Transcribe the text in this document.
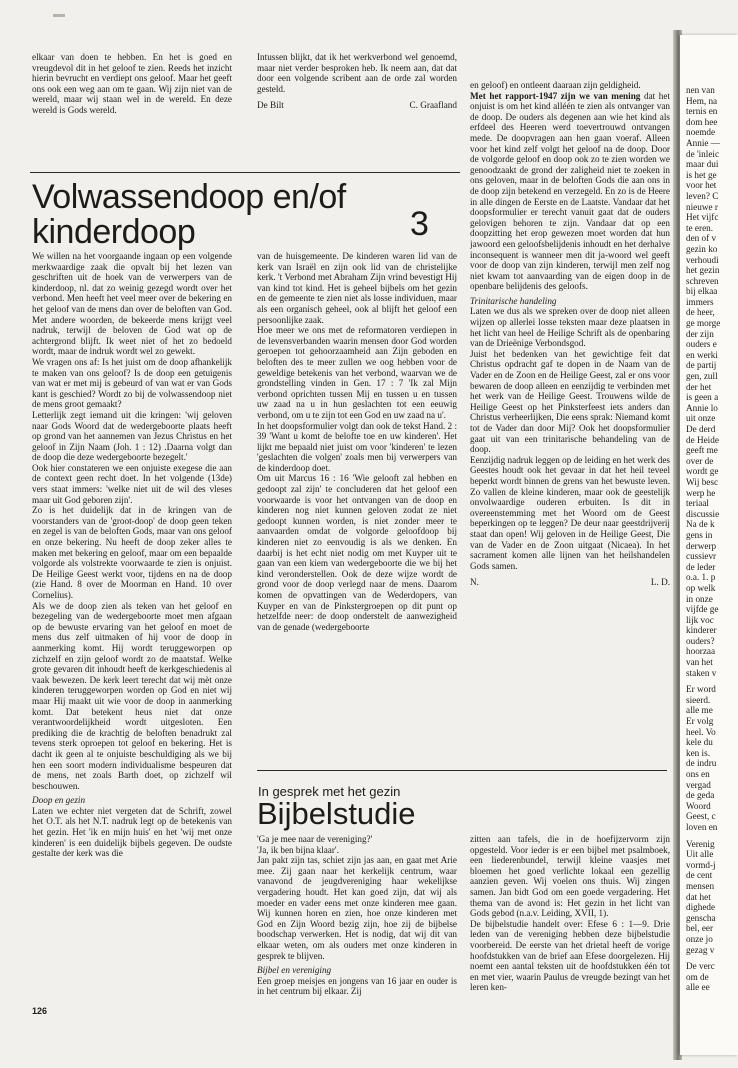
nen van
Hem, na
ternis en
dom hee
noemde
Annie —
de 'inleic
maar dui
is het ge
voor het
leven? C
nieuwe r
Het vijfc
te eren.
den of v
gezin ko
verhoudi
het gezin
schreven
bij elkaa
immers
de heer,
ge morge
der zijn
ouders e
en werki
de partij
gen, zull
der het
is geen a
Annie lo
uit onze
De derd
de Heide
geeft me
over de
wordt ge
Wij besc
werp he
teriaal
discussie
Na de k
gens in
derwerp
cussievr
de leder
o.a. 1. p
op welk
in onze
vijfde ge
lijk voc
kinderer
ouders?
hoorzaa
van het
staken v
Er word
sieerd.
alle me
Er volg
heel. Vo
kele du
ken is.
de indru
ons en
vergad
de geda
Woord
Geest, c
loven en
Verenig
Uit alle
vormd-j
de cent
mensen
dat het
dighede
genscha
bel, eer
onze jo
gezag v
De verc
om de
alle ee

elkaar van doen te hebben. En het is goed en vreugdevol dit in het geloof te zien. Reeds het inzicht hierin bevrucht en verdiept ons geloof. Maar het geeft ons ook een weg aan om te gaan. Wij zijn niet van de wereld, maar wij staan wel in de wereld. En deze wereld is Gods wereld.

Intussen blijkt, dat ik het werkverbond wel genoemd, maar niet verder besproken heb. Ik neem aan, dat dat door een volgende scribent aan de orde zal worden gesteld.

De Bilt	C. Graafland
Volwassendoop en/of kinderdoop	3

We willen na het voorgaande ingaan op een volgende merkwaardige zaak die opvalt bij het lezen van geschriften uit de hoek van de verwerpers van de kinderdoop, nl. dat zo weinig gezegd wordt over het verbond. Men heeft het veel meer over de bekering en het geloof van de mens dan over de beloften van God. Met andere woorden, de bekeerde mens krijgt veel nadruk, terwijl de beloven de God wat op de achtergrond blijft. Ik weet niet of het zo bedoeld wordt, maar de indruk wordt wel zo gewekt.

We vragen ons af: Is het juist om de doop afhankelijk te maken van ons geloof? Is de doop een getuigenis van wat er met mij is gebeurd of van wat er van Gods kant is geschied? Wordt zo bij de volwassendoop niet de mens groot gemaakt?

Letterlijk zegt iemand uit die kringen: 'wij geloven naar Gods Woord dat de wedergeboorte plaats heeft op grond van het aannemen van Jezus Christus en het geloof in Zijn Naam (Joh. 1 : 12) .Daarna volgt dan de doop die deze wedergeboorte bezegelt.'

Ook hier constateren we een onjuiste exegese die aan de context geen recht doet. In het volgende (13de) vers staat immers: 'welke niet uit de wil des vleses maar uit God geboren zijn'.

Zo is het duidelijk dat in de kringen van de voorstanders van de 'groot-doop' de doop geen teken en zegel is van de beloften Gods, maar van ons geloof en onze bekering. Nu heeft de doop zeker alles te maken met bekering en geloof, maar om een bepaalde volgorde als volstrekte voorwaarde te zien is onjuist. De Heilige Geest werkt voor, tijdens en na de doop (zie Hand. 8 over de Moorman en Hand. 10 over Cornelius).

Als we de doop zien als teken van het geloof en bezegeling van de wedergeboorte moet men afgaan op de bewuste ervaring van het geloof en moet de mens dus zelf uitmaken of hij voor de doop in aanmerking komt. Hij wordt teruggeworpen op zichzelf en zijn geloof wordt zo de maatstaf. Welke grote gevaren dit inhoudt heeft de kerkgeschiedenis al vaak bewezen. De kerk leert terecht dat wij mèt onze kinderen teruggeworpen worden op God en niet wij maar Hij maakt uit wie voor de doop in aanmerking komt. Dat betekent heus niet dat onze verantwoordelijkheid wordt uitgesloten. Een prediking die de krachtig de beloften benadrukt zal tevens sterk oproepen tot geloof en bekering. Het is dacht ik geen al te onjuiste beschuldiging als we bij hen een soort modern individualisme bespeuren dat de mens, net zoals Barth doet, op zichzelf wil beschouwen.

Doop en gezin

Laten we echter niet vergeten dat de Schrift, zowel het O.T. als het N.T. nadruk legt op de betekenis van het gezin. Het 'ik en mijn huis' en het 'wij met onze kinderen' is een duidelijk bijbels gegeven. De oudste gestalte der kerk was die

van de huisgemeente. De kinderen waren lid van de kerk van Israël en zijn ook lid van de christelijke kerk. 't Verbond met Abraham Zijn vrind bevestigt Hij van kind tot kind. Het is geheel bijbels om het gezin en de gemeente te zien niet als losse individuen, maar als een organisch geheel, ook al blijft het geloof een persoonlijke zaak.

Hoe meer we ons met de reformatoren verdiepen in de levensverbanden waarin mensen door God worden geroepen tot gehoorzaamheid aan Zijn geboden en beloften des te meer zullen we oog hebben voor de geweldige betekenis van het verbond, waarvan we de grondstelling vinden in Gen. 17 : 7 'Ik zal Mijn verbond oprichten tussen Mij en tussen u en tussen uw zaad na u in hun geslachten tot een eeuwig verbond, om u te zijn tot een God en uw zaad na u'.

In het doopsformulier volgt dan ook de tekst Hand. 2 : 39 'Want u komt de belofte toe en uw kinderen'. Het lijkt me bepaald niet juist om voor 'kinderen' te lezen 'geslachten die volgen' zoals men bij verwerpers van de kinderdoop doet.

Om uit Marcus 16 : 16 'Wie gelooft zal hebben en gedoopt zal zijn' te concluderen dat het geloof een voorwaarde is voor het ontvangen van de doop en kinderen nog niet kunnen geloven zodat ze niet gedoopt kunnen worden, is niet zonder meer te aanvaarden omdat de volgorde geloofdoop bij kinderen niet zo eenvoudig is als we denken. En daarbij is het echt niet nodig om met Kuyper uit te gaan van een kiem van wedergeboorte die we bij het kind veronderstellen. Ook de deze wijze wordt de grond voor de doop verlegd naar de mens. Daarom komen de opvattingen van de Wederdopers, van Kuyper en van de Pinkstergroepen op dit punt op hetzelfde neer: de doop onderstelt de aanwezigheid van de genade (wedergeboorte

en geloof) en ontleent daaraan zijn geldigheid.

Met het rapport-1947 zijn we van mening dat het onjuist is om het kind alléén te zien als ontvanger van de doop. De ouders als degenen aan wie het kind als erfdeel des Heeren werd toevertrouwd ontvangen mede. De doopvragen aan hen gaan voeraf. Alleen voor het kind zelf volgt het geloof na de doop. Door de volgorde geloof en doop ook zo te zien worden we genoodzaakt de grond der zaligheid niet te zoeken in ons geloven, maar in de beloften Gods die aan ons in de doop zijn betekend en verzegeld. En zo is de Heere in alle dingen de Eerste en de Laatste. Vandaar dat het doopsformulier er terecht vanuit gaat dat de ouders gelovigen behoren te zijn. Vandaar dat op een doopzitting het erop gewezen moet worden dat hun jawoord een geloofsbelijdenis inhoudt en het derhalve inconsequent is wanneer men dit ja-woord wel geeft voor de doop van zijn kinderen, terwijl men zelf nog niet kwam tot aanvaarding van de eigen doop in de openbare belijdenis des geloofs.

Trinitarische handeling

Laten we dus als we spreken over de doop niet alleen wijzen op allerlei losse teksten maar deze plaatsen in het licht van heel de Heilige Schrift als de openbaring van de Drieënige Verbondsgod.

Juist het bedenken van het gewichtige feit dat Christus opdracht gaf te dopen in de Naam van de Vader en de Zoon en de Heilige Geest, zal er ons voor bewaren de doop alleen en eenzijdig te verbinden met het werk van de Heilige Geest. Trouwens wilde de Heilige Geest op het Pinksterfeest iets anders dan Christus verheerlijken, Die eens sprak: Niemand komt tot de Vader dan door Mij? Ook het doopsformulier gaat uit van een trinitarische behandeling van de doop.

Eenzijdig nadruk leggen op de leiding en het werk des Geestes houdt ook het gevaar in dat het heil teveel beperkt wordt binnen de grens van het bewuste leven. Zo vallen de kleine kinderen, maar ook de geestelijk onvolwaardige ouderen erbuiten. Is dit in overeenstemming met het Woord om de Geest beperkingen op te leggen? De deur naar geestdrijverij staat dan open! Wij geloven in de Heilige Geest, Die van de Vader en de Zoon uitgaat (Nicaea). In het sacrament komen alle lijnen van het heilshandelen Gods samen.

N.	L. D.
In gesprek met het gezin
Bijbelstudie

'Ga je mee naar de vereniging?'

'Ja, ik ben bijna klaar'.

Jan pakt zijn tas, schiet zijn jas aan, en gaat met Arie mee. Zij gaan naar het kerkelijk centrum, waar vanavond de jeugdvereniging haar wekelijkse vergadering houdt. Het kan goed zijn, dat wij als moeder en vader eens met onze kinderen mee gaan. Wij kunnen horen en zien, hoe onze kinderen met God en Zijn Woord bezig zijn, hoe zij de bijbelse boodschap verwerken. Het is nodig, dat wij dit van elkaar weten, om als ouders met onze kinderen in gesprek te blijven.

Bijbel en vereniging

Een groep meisjes en jongens van 16 jaar en ouder is in het centrum bij elkaar. Zij

zitten aan tafels, die in de hoefijzervorm zijn opgesteld. Voor ieder is er een bijbel met psalmboek, een liederenbundel, terwijl kleine vaasjes met bloemen het goed verlichte lokaal een gezellig aanzien geven. Wij voelen ons thuis. Wij zingen samen. Jan bidt God om een goede vergadering. Het thema van de avond is: Het gezin in het licht van Gods gebod (n.a.v. Leiding, XVII, 1).

De bijbelstudie handelt over: Efese 6 : 1—9. Drie leden van de vereniging hebben deze bijbelstudie voorbereid. De eerste van het drietal heeft de vorige hoofdstukken van de brief aan Efese doorgelezen. Hij noemt een aantal teksten uit de hoofdstukken één tot en met vier, waarin Paulus de vreugde bezingt van het leren ken-

126
